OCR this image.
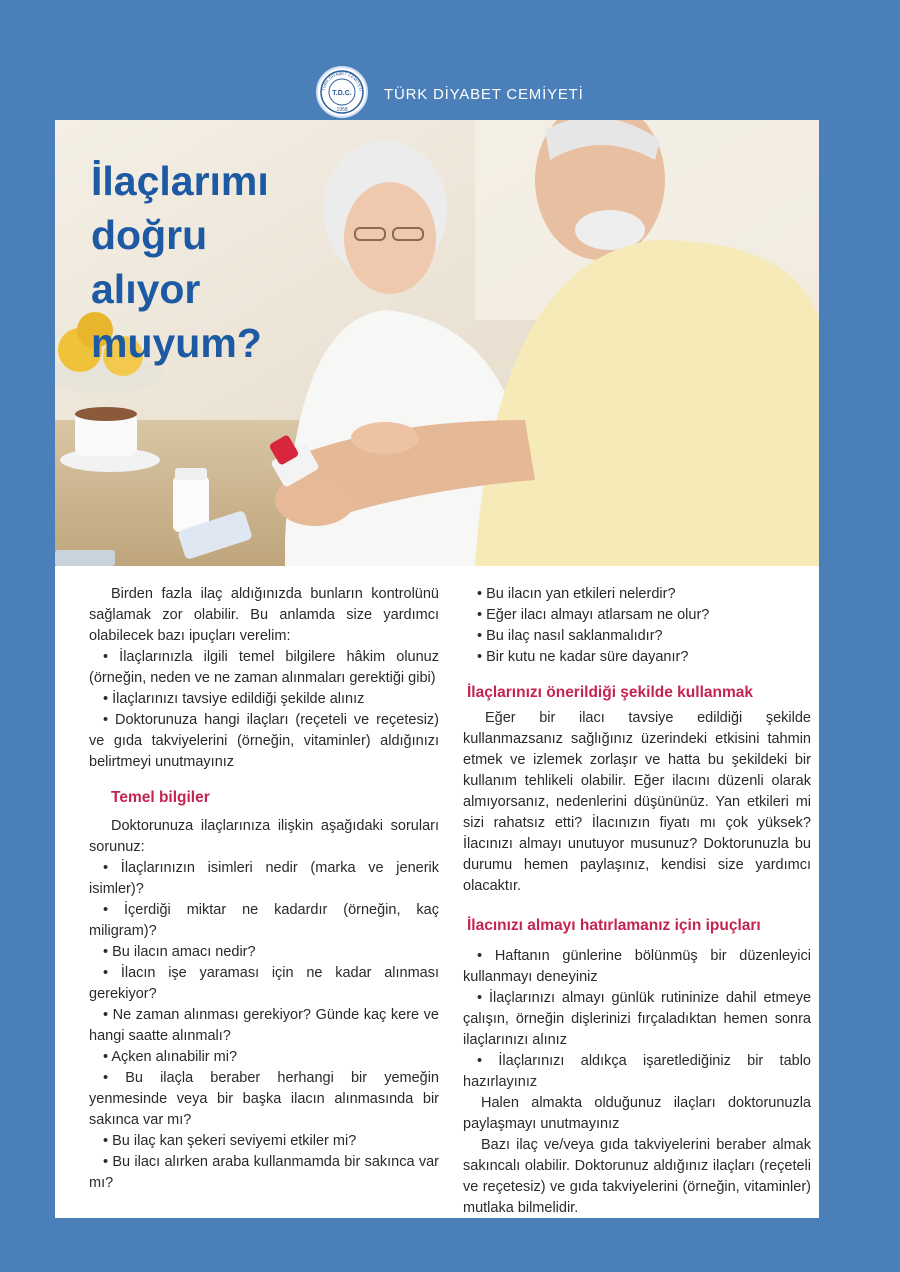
T.D.C.
1958
TÜRK DİYABET CEMİYETİ TÜRK DİYABET CEMİYETİ
İlaçlarımı
doğru
alıyor
muyum?

Birden fazla ilaç aldığınızda bunların kontrolünü sağlamak zor olabilir. Bu anlamda size yardımcı olabilecek bazı ipuçları verelim:

• İlaçlarınızla ilgili temel bilgilere hâkim olunuz (örneğin, neden ve ne zaman alınmaları gerektiği gibi)

• İlaçlarınızı tavsiye edildiği şekilde alınız

• Doktorunuza hangi ilaçları (reçeteli ve reçetesiz) ve gıda takviyelerini (örneğin, vitaminler) aldığınızı belirtmeyi unutmayınız

Temel bilgiler

Doktorunuza ilaçlarınıza ilişkin aşağıdaki soruları sorunuz:

• İlaçlarınızın isimleri nedir (marka ve jenerik isimler)?

• İçerdiği miktar ne kadardır (örneğin, kaç miligram)?

• Bu ilacın amacı nedir?

• İlacın işe yaraması için ne kadar alınması gerekiyor?

• Ne zaman alınması gerekiyor? Günde kaç kere ve hangi saatte alınmalı?

• Açken alınabilir mi?

• Bu ilaçla beraber herhangi bir yemeğin yenmesinde veya bir başka ilacın alınmasında bir sakınca var mı?

• Bu ilaç kan şekeri seviyemi etkiler mi?

• Bu ilacı alırken araba kullanmamda bir sakınca var mı?

• Bu ilacın yan etkileri nelerdir?

• Eğer ilacı almayı atlarsam ne olur?

• Bu ilaç nasıl saklanmalıdır?

• Bir kutu ne kadar süre dayanır?

İlaçlarınızı önerildiği şekilde kullanmak

Eğer bir ilacı tavsiye edildiği şekilde kullanmazsanız sağlığınız üzerindeki etkisini tahmin etmek ve izlemek zorlaşır ve hatta bu şekildeki bir kullanım tehlikeli olabilir. Eğer ilacını düzenli olarak almıyorsanız, nedenlerini düşününüz. Yan etkileri mi sizi rahatsız etti? İlacınızın fiyatı mı çok yüksek? İlacınızı almayı unutuyor musunuz? Doktorunuzla bu durumu hemen paylaşınız, kendisi size yardımcı olacaktır.

İlacınızı almayı hatırlamanız için ipuçları

• Haftanın günlerine bölünmüş bir düzenleyici kullanmayı deneyiniz

• İlaçlarınızı almayı günlük rutininize dahil etmeye çalışın, örneğin dişlerinizi fırçaladıktan hemen sonra ilaçlarınızı alınız

• İlaçlarınızı aldıkça işaretlediğiniz bir tablo hazırlayınız

Halen almakta olduğunuz ilaçları doktorunuzla paylaşmayı unutmayınız

Bazı ilaç ve/veya gıda takviyelerini beraber almak sakıncalı olabilir. Doktorunuz aldığınız ilaçları (reçeteli ve reçetesiz) ve gıda takviyelerini (örneğin, vitaminler) mutlaka bilmelidir.
